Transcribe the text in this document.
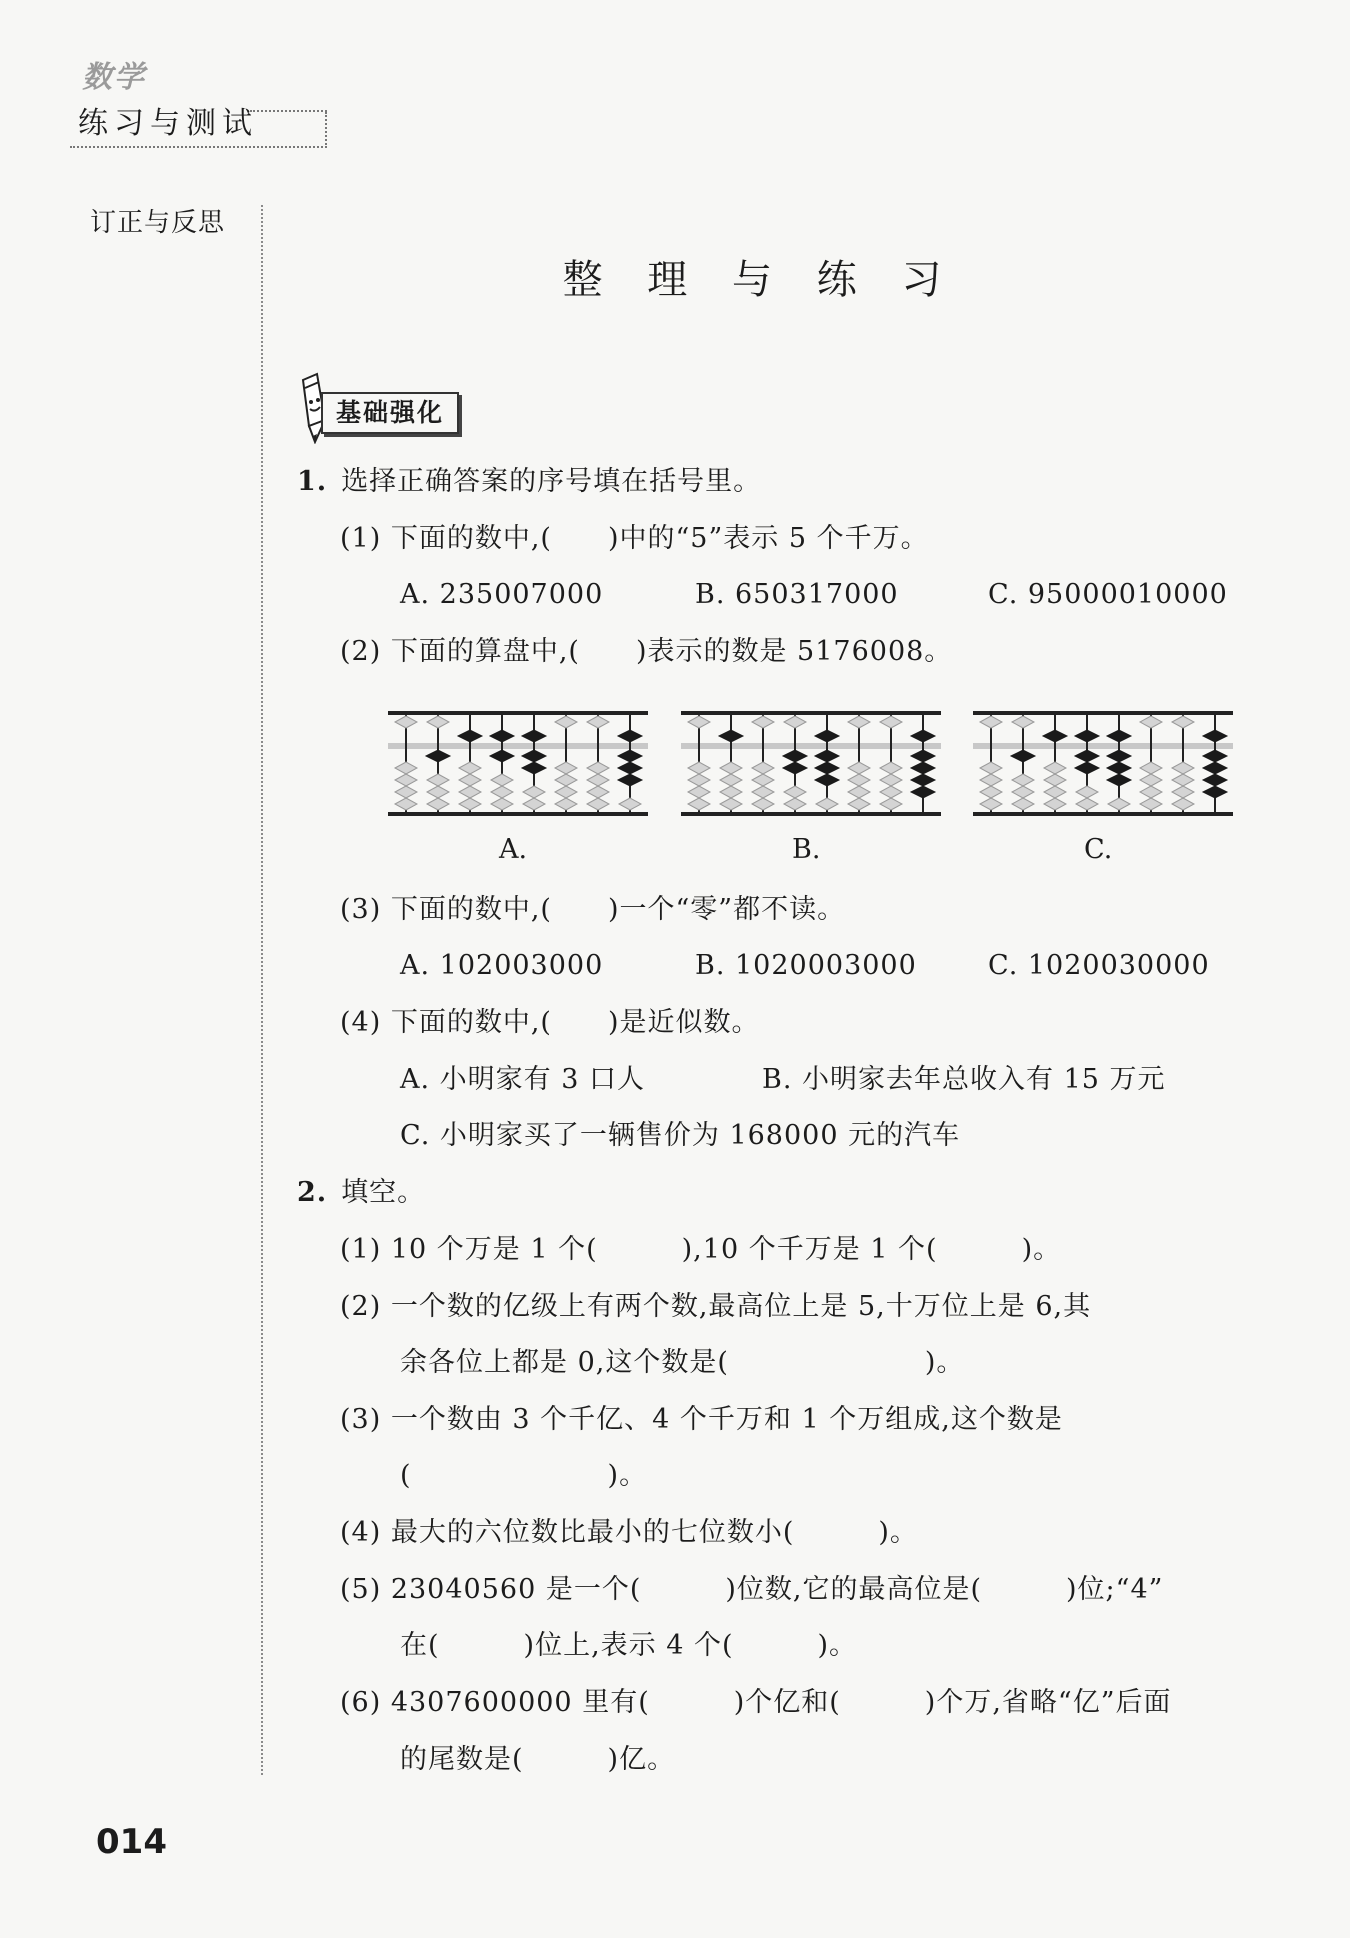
数学
练习与测试
订正与反思
整 理 与 练 习
基础强化
1. 选择正确答案的序号填在括号里。
(1) 下面的数中,(　　)中的“5”表示 5 个千万。
A. 235007000	B. 650317000	C. 95000010000
(2) 下面的算盘中,(　　)表示的数是 5176008。
A.	B.	C.
(3) 下面的数中,(　　)一个“零”都不读。
A. 102003000	B. 1020003000	C. 1020030000
(4) 下面的数中,(　　)是近似数。
A. 小明家有 3 口人	B. 小明家去年总收入有 15 万元
C. 小明家买了一辆售价为 168000 元的汽车
2. 填空。
(1) 10 个万是 1 个(　　　),10 个千万是 1 个(　　　)。
(2) 一个数的亿级上有两个数,最高位上是 5,十万位上是 6,其
余各位上都是 0,这个数是(　　　　　　　)。
(3) 一个数由 3 个千亿、4 个千万和 1 个万组成,这个数是
(　　　　　　　)。
(4) 最大的六位数比最小的七位数小(　　　)。
(5) 23040560 是一个(　　　)位数,它的最高位是(　　　)位;“4”
在(　　　)位上,表示 4 个(　　　)。
(6) 4307600000 里有(　　　)个亿和(　　　)个万,省略“亿”后面
的尾数是(　　　)亿。
014
